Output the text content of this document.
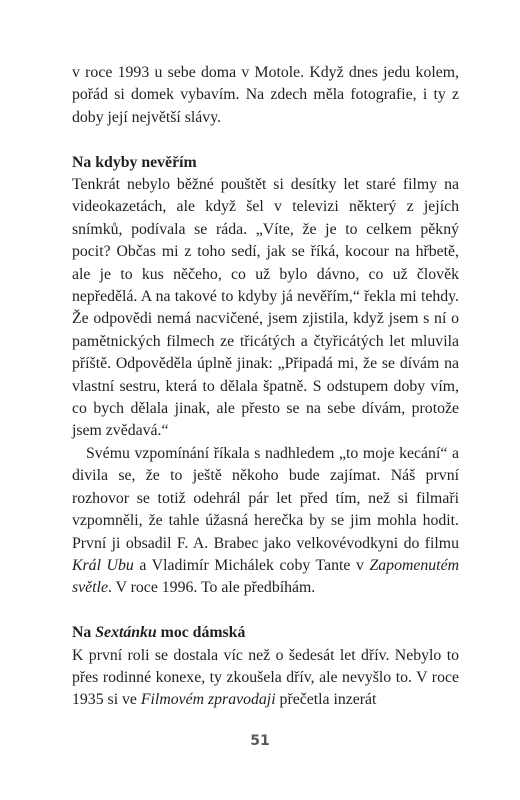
v roce 1993 u sebe doma v Motole. Když dnes jedu kolem, pořád si domek vybavím. Na zdech měla fotografie, i ty z doby její největší slávy.

Na kdyby nevěřím

Tenkrát nebylo běžné pouštět si desítky let staré filmy na videokazetách, ale když šel v televizi některý z jejích snímků, podívala se ráda. „Víte, že je to celkem pěkný pocit? Občas mi z toho sedí, jak se říká, kocour na hřbetě, ale je to kus něčeho, co už bylo dávno, co už člověk nepředělá. A na takové to kdyby já nevěřím,“ řekla mi tehdy. Že odpovědi nemá nacvičené, jsem zjistila, když jsem s ní o pamětnických filmech ze třicátých a čtyřicátých let mluvila příště. Odpověděla úplně jinak: „Připadá mi, že se dívám na vlastní sestru, která to dělala špatně. S odstupem doby vím, co bych dělala jinak, ale přesto se na sebe dívám, protože jsem zvědavá.“

Svému vzpomínání říkala s nadhledem „to moje kecání“ a divila se, že to ještě někoho bude zajímat. Náš první rozhovor se totiž odehrál pár let před tím, než si filmaři vzpomněli, že tahle úžasná herečka by se jim mohla hodit. První ji obsadil F. A. Brabec jako velkovévodkyni do filmu Král Ubu a Vladimír Michálek coby Tante v Zapomenutém světle. V roce 1996. To ale předbíhám.

Na Sextánku moc dámská

K první roli se dostala víc než o šedesát let dřív. Nebylo to přes rodinné konexe, ty zkoušela dřív, ale nevyšlo to. V roce 1935 si ve Filmovém zpravodaji přečetla inzerát

51
